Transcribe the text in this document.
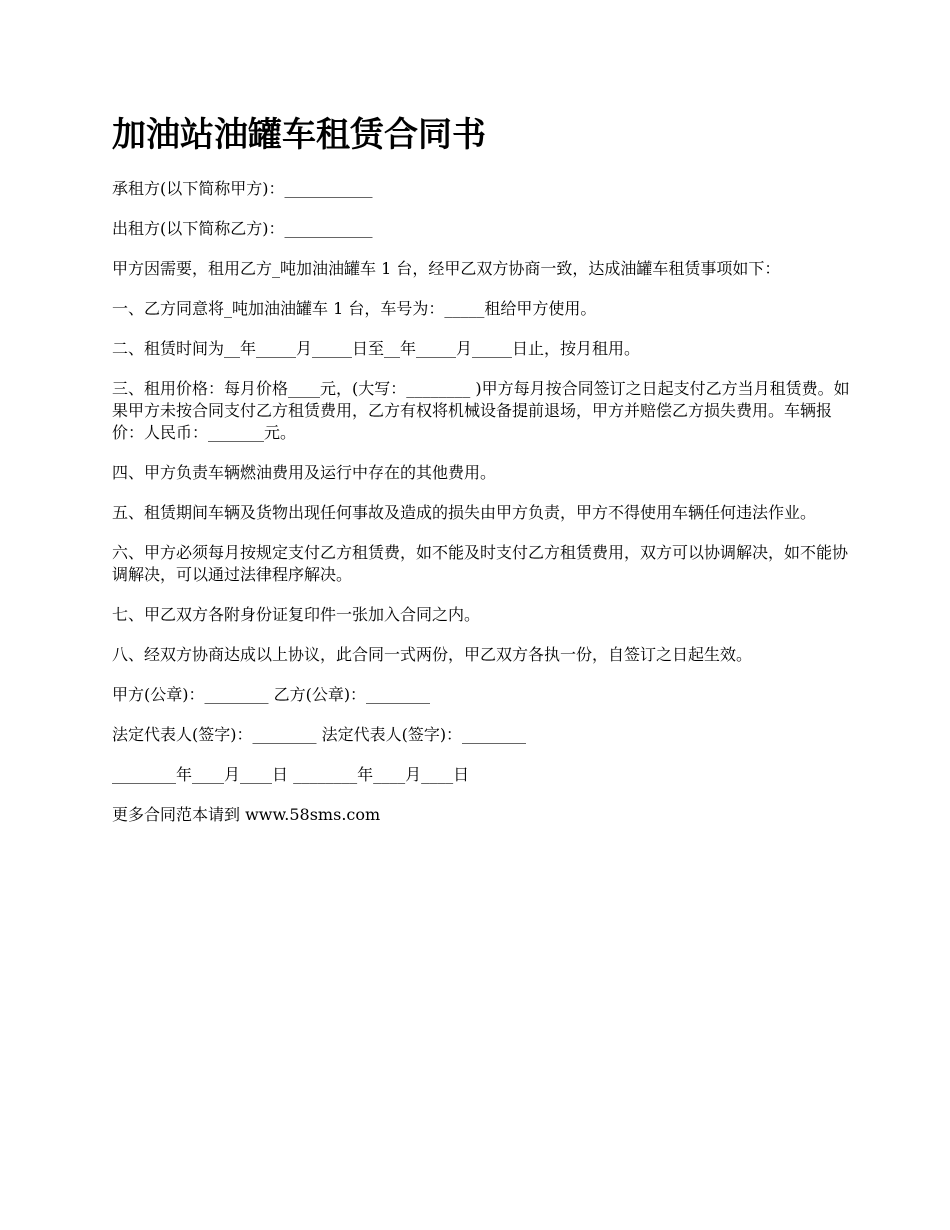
加油站油罐车租赁合同书

承租方(以下简称甲方)：___________

出租方(以下简称乙方)：___________

甲方因需要，租用乙方_吨加油油罐车 1 台，经甲乙双方协商一致，达成油罐车租赁事项如下：

一、乙方同意将_吨加油油罐车 1 台，车号为：_____租给甲方使用。

二、租赁时间为__年_____月_____日至__年_____月_____日止，按月租用。

三、租用价格：每月价格____元，(大写：________ )甲方每月按合同签订之日起支付乙方当月租赁费。如果甲方未按合同支付乙方租赁费用，乙方有权将机械设备提前退场，甲方并赔偿乙方损失费用。车辆报价：人民币：_______元。

四、甲方负责车辆燃油费用及运行中存在的其他费用。

五、租赁期间车辆及货物出现任何事故及造成的损失由甲方负责，甲方不得使用车辆任何违法作业。

六、甲方必须每月按规定支付乙方租赁费，如不能及时支付乙方租赁费用，双方可以协调解决，如不能协调解决，可以通过法律程序解决。

七、甲乙双方各附身份证复印件一张加入合同之内。

八、经双方协商达成以上协议，此合同一式两份，甲乙双方各执一份，自签订之日起生效。

甲方(公章)：________ 乙方(公章)：________

法定代表人(签字)：________ 法定代表人(签字)：________

________年____月____日 ________年____月____日

更多合同范本请到 www.58sms.com
